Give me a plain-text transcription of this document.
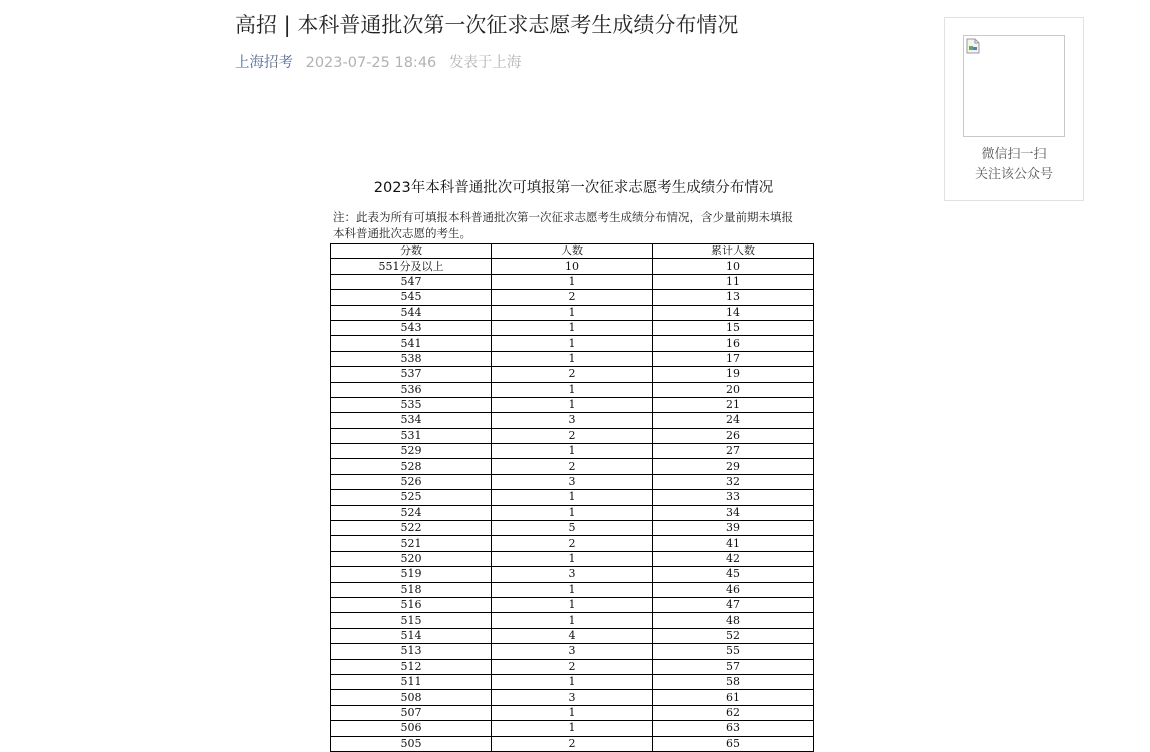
高招 | 本科普通批次第一次征求志愿考生成绩分布情况
上海招考 2023-07-25 18:46 发表于上海
2023年本科普通批次可填报第一次征求志愿考生成绩分布情况
注：此表为所有可填报本科普通批次第一次征求志愿考生成绩分布情况，含少量前期未填报本科普通批次志愿的考生。
分数	人数	累计人数
551分及以上	10	10
547	1	11
545	2	13
544	1	14
543	1	15
541	1	16
538	1	17
537	2	19
536	1	20
535	1	21
534	3	24
531	2	26
529	1	27
528	2	29
526	3	32
525	1	33
524	1	34
522	5	39
521	2	41
520	1	42
519	3	45
518	1	46
516	1	47
515	1	48
514	4	52
513	3	55
512	2	57
511	1	58
508	3	61
507	1	62
506	1	63
505	2	65
微信扫一扫
关注该公众号
